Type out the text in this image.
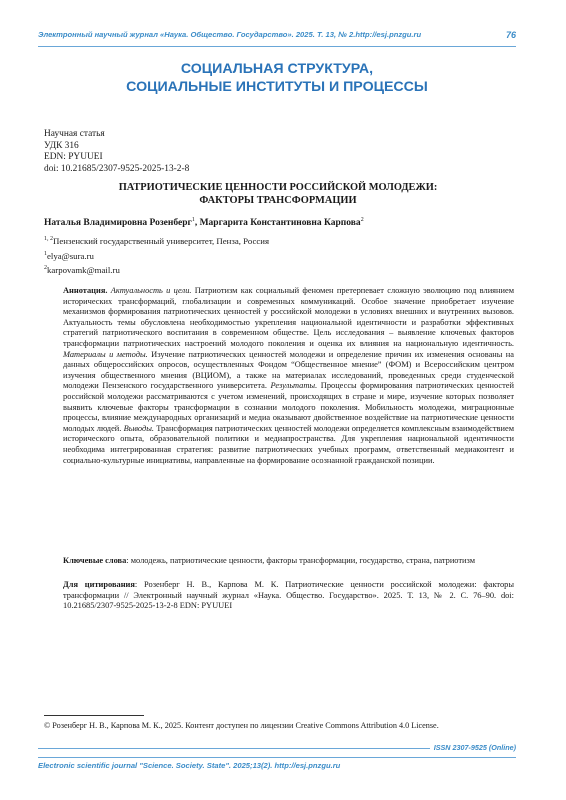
Электронный научный журнал «Наука. Общество. Государство». 2025. Т. 13, № 2.http://esj.pnzgu.ru	76
СОЦИАЛЬНАЯ СТРУКТУРА,
СОЦИАЛЬНЫЕ ИНСТИТУТЫ И ПРОЦЕССЫ
Научная статья
УДК 316
EDN: PYUUEI
doi: 10.21685/2307-9525-2025-13-2-8
ПАТРИОТИЧЕСКИЕ ЦЕННОСТИ РОССИЙСКОЙ МОЛОДЕЖИ:
ФАКТОРЫ ТРАНСФОРМАЦИИ
Наталья Владимировна Розенберг$^1$, Маргарита Константиновна Карпова$^2$
$^{1, 2}$Пензенский государственный университет, Пенза, Россия
$^1$elya@sura.ru
$^2$karpovamk@mail.ru

Аннотация. Актуальность и цели. Патриотизм как социальный феномен претерпевает сложную эволюцию под влиянием исторических трансформаций, глобализации и современных коммуникаций. Особое значение приобретает изучение механизмов формирования патриотических ценностей у российской молодежи в условиях внешних и внутренних вызовов. Актуальность темы обусловлена необходимостью укрепления национальной идентичности и разработки эффективных стратегий патриотического воспитания в современном обществе. Цель исследования – выявление ключевых факторов трансформации патриотических настроений молодого поколения и оценка их влияния на национальную идентичность. Материалы и методы. Изучение патриотических ценностей молодежи и определение причин их изменения основаны на данных общероссийских опросов, осуществленных Фондом “Общественное мнение” (ФОМ) и Всероссийским центром изучения общественного мнения (ВЦИОМ), а также на материалах исследований, проведенных среди студенческой молодежи Пензенского государственного университета. Результаты. Процессы формирования патриотических ценностей российской молодежи рассматриваются с учетом изменений, происходящих в стране и мире, изучение которых позволяет выявить ключевые факторы трансформации в сознании молодого поколения. Мобильность молодежи, миграционные процессы, влияние международных организаций и медиа оказывают двойственное воздействие на патриотические ценности молодых людей. Выводы. Трансформация патриотических ценностей молодежи определяется комплексным взаимодействием исторического опыта, образовательной политики и медиапространства. Для укрепления национальной идентичности необходима интегрированная стратегия: развитие патриотических учебных программ, ответственный медиаконтент и социально-культурные инициативы, направленные на формирование осознанной гражданской позиции.

Ключевые слова: молодежь, патриотические ценности, факторы трансформации, государство, страна, патриотизм
Для цитирования: Розенберг Н. В., Карпова М. К. Патриотические ценности российской молодежи: факторы трансформации // Электронный научный журнал «Наука. Общество. Государство». 2025. Т. 13, № 2. С. 76–90. doi: 10.21685/2307-9525-2025-13-2-8 EDN: PYUUEI
© Розенберг Н. В., Карпова М. К., 2025. Контент доступен по лицензии Creative Commons Attribution 4.0 License.
ISSN 2307-9525 (Online)
Electronic scientific journal "Science. Society. State". 2025;13(2). http://esj.pnzgu.ru
